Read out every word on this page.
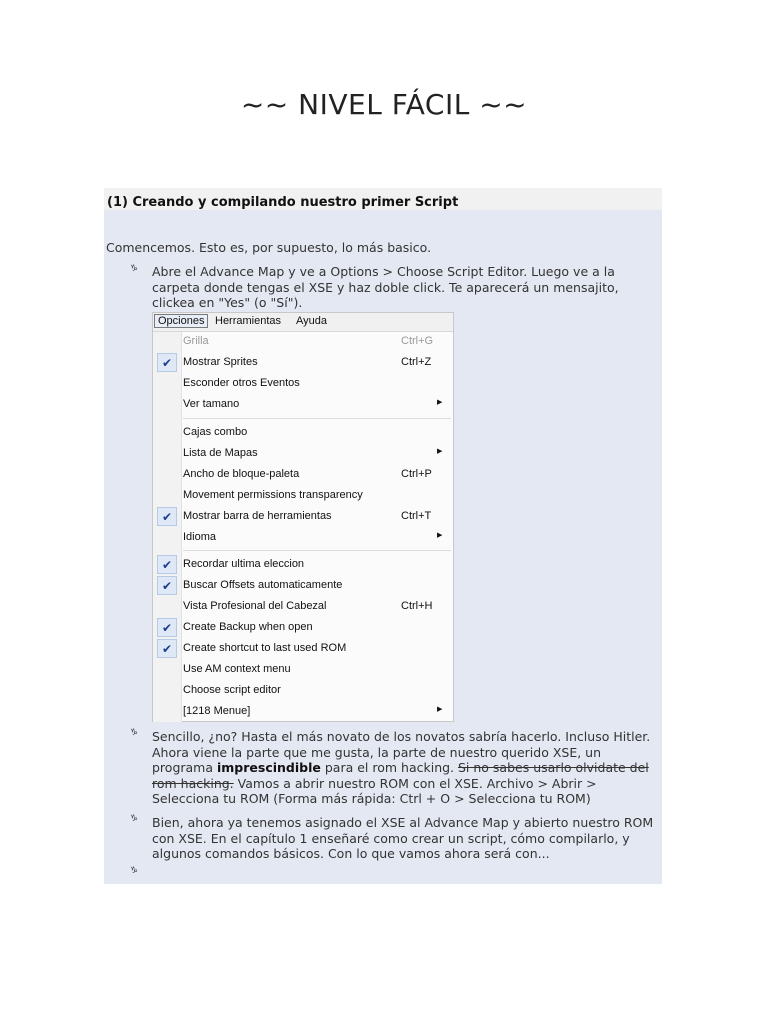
~~ NIVEL FÁCIL ~~
(1) Creando y compilando nuestro primer Script
Comencemos. Esto es, por supuesto, lo más basico.
♑ Abre el Advance Map y ve a Options > Choose Script Editor. Luego ve a la
carpeta donde tengas el XSE y haz doble click. Te aparecerá un mensajito,
clickea en "Yes" (o "Sí").
Opciones Herramientas Ayuda
Grilla	Ctrl+G
✔ Mostrar Sprites	Ctrl+Z
Esconder otros Eventos
Ver tamano	▶
Cajas combo
Lista de Mapas	▶
Ancho de bloque-paleta	Ctrl+P
Movement permissions transparency
✔ Mostrar barra de herramientas	Ctrl+T
Idioma	▶
✔ Recordar ultima eleccion
✔ Buscar Offsets automaticamente
Vista Profesional del Cabezal	Ctrl+H
✔ Create Backup when open
✔ Create shortcut to last used ROM
Use AM context menu
Choose script editor
[1218 Menue]	▶
♑ Sencillo, ¿no? Hasta el más novato de los novatos sabría hacerlo. Incluso Hitler.
Ahora viene la parte que me gusta, la parte de nuestro querido XSE, un
programa imprescindible para el rom hacking. Si no sabes usarlo olvidate del
rom hacking. Vamos a abrir nuestro ROM con el XSE. Archivo > Abrir >
Selecciona tu ROM (Forma más rápida: Ctrl + O > Selecciona tu ROM)
♑ Bien, ahora ya tenemos asignado el XSE al Advance Map y abierto nuestro ROM
con XSE. En el capítulo 1 enseñaré como crear un script, cómo compilarlo, y
algunos comandos básicos. Con lo que vamos ahora será con...
♑
